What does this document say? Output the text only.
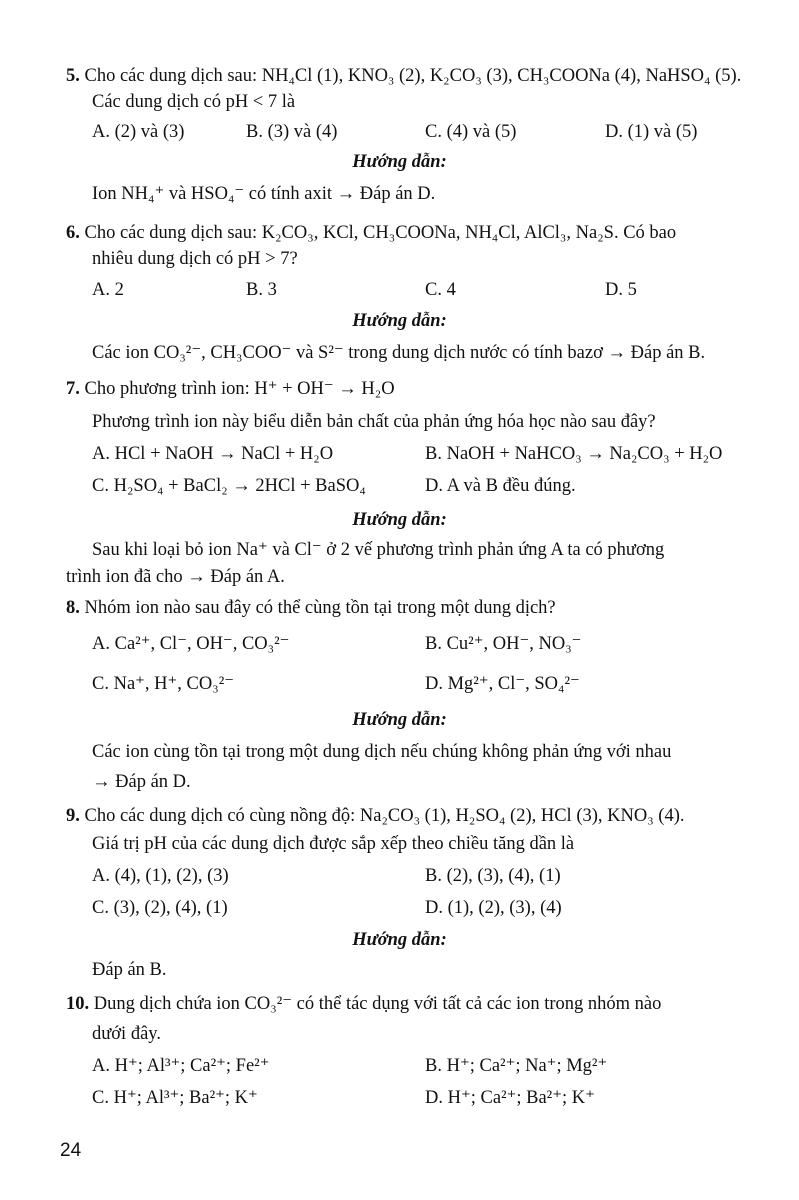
5. Cho các dung dịch sau: NH₄Cl (1), KNO₃ (2), K₂CO₃ (3), CH₃COONa (4), NaHSO₄ (5).
Các dung dịch có pH < 7 là
A. (2) và (3)	B. (3) và (4)	C. (4) và (5)	D. (1) và (5)
Hướng dẫn:
Ion NH₄⁺ và HSO₄⁻ có tính axit → Đáp án D.
6. Cho các dung dịch sau: K₂CO₃, KCl, CH₃COONa, NH₄Cl, AlCl₃, Na₂S. Có bao
nhiêu dung dịch có pH > 7?
A. 2	B. 3	C. 4	D. 5
Hướng dẫn:
Các ion CO₃²⁻, CH₃COO⁻ và S²⁻ trong dung dịch nước có tính bazơ → Đáp án B.
7. Cho phương trình ion: H⁺ + OH⁻ → H₂O
Phương trình ion này biểu diễn bản chất của phản ứng hóa học nào sau đây?
A. HCl + NaOH → NaCl + H₂O	B. NaOH + NaHCO₃ → Na₂CO₃ + H₂O
C. H₂SO₄ + BaCl₂ → 2HCl + BaSO₄	D. A và B đều đúng.
Hướng dẫn:
Sau khi loại bỏ ion Na⁺ và Cl⁻ ở 2 vế phương trình phản ứng A ta có phương
trình ion đã cho → Đáp án A.
8. Nhóm ion nào sau đây có thể cùng tồn tại trong một dung dịch?
A. Ca²⁺, Cl⁻, OH⁻, CO₃²⁻	B. Cu²⁺, OH⁻, NO₃⁻
C. Na⁺, H⁺, CO₃²⁻	D. Mg²⁺, Cl⁻, SO₄²⁻
Hướng dẫn:
Các ion cùng tồn tại trong một dung dịch nếu chúng không phản ứng với nhau
→ Đáp án D.
9. Cho các dung dịch có cùng nồng độ: Na₂CO₃ (1), H₂SO₄ (2), HCl (3), KNO₃ (4).
Giá trị pH của các dung dịch được sắp xếp theo chiều tăng dần là
A. (4), (1), (2), (3)	B. (2), (3), (4), (1)
C. (3), (2), (4), (1)	D. (1), (2), (3), (4)
Hướng dẫn:
Đáp án B.
10. Dung dịch chứa ion CO₃²⁻ có thể tác dụng với tất cả các ion trong nhóm nào
dưới đây.
A. H⁺; Al³⁺; Ca²⁺; Fe²⁺	B. H⁺; Ca²⁺; Na⁺; Mg²⁺
C. H⁺; Al³⁺; Ba²⁺; K⁺	D. H⁺; Ca²⁺; Ba²⁺; K⁺
24
